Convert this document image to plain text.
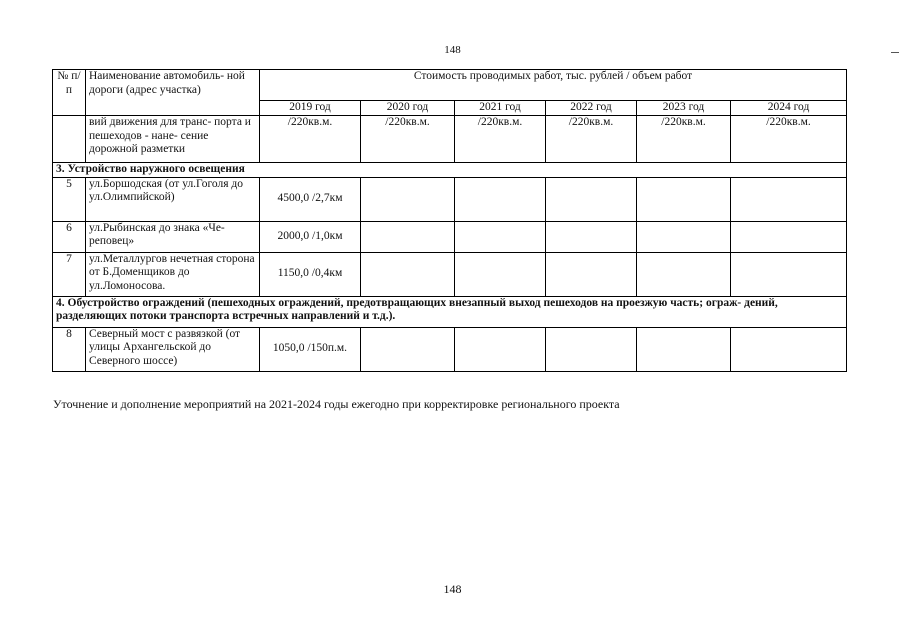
148
№ п/п	Наименование автомобиль- ной дороги (адрес участка)	Стоимость проводимых работ, тыс. рублей / объем работ					
		2019 год	2020 год	2021 год	2022 год	2023 год	2024 год
	вий движения для транс- порта и пешеходов - нане- сение дорожной разметки	/220кв.м.	/220кв.м.	/220кв.м.	/220кв.м.	/220кв.м.	/220кв.м.
3. Устройство наружного освещения							
5	ул.Боршодская (от ул.Гоголя до ул.Олимпийской)	4500,0 /2,7км					
6	ул.Рыбинская до знака «Че- реповец»	2000,0 /1,0км					
7	ул.Металлургов нечетная сторона от Б.Доменщиков до ул.Ломоносова.	1150,0 /0,4км					
4. Обустройство ограждений (пешеходных ограждений, предотвращающих внезапный выход пешеходов на проезжую часть; ограж- дений, разделяющих потоки транспорта встречных направлений и т.д.).							
8	Северный мост с развязкой (от улицы Архангельской до Северного шоссе)	1050,0 /150п.м.					
Уточнение и дополнение мероприятий на 2021-2024 годы ежегодно при корректировке регионального проекта
148
